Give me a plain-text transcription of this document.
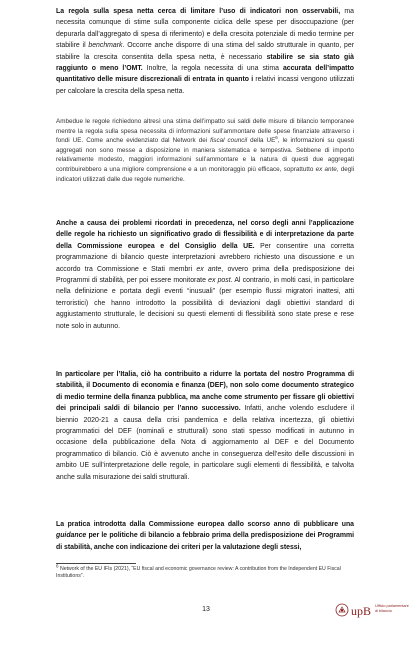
La regola sulla spesa netta cerca di limitare l’uso di indicatori non osservabili, ma necessita comunque di stime sulla componente ciclica delle spese per disoccupazione (per depurarla dall’aggregato di spesa di riferimento) e della crescita potenziale di medio termine per stabilire il benchmark. Occorre anche disporre di una stima del saldo strutturale in quanto, per stabilire la crescita consentita della spesa netta, è necessario stabilire se sia stato già raggiunto o meno l’OMT. Inoltre, la regola necessita di una stima accurata dell’impatto quantitativo delle misure discrezionali di entrata in quanto i relativi incassi vengono utilizzati per calcolare la crescita della spesa netta.

Ambedue le regole richiedono altresì una stima dell’impatto sui saldi delle misure di bilancio temporanee mentre la regola sulla spesa necessita di informazioni sull’ammontare delle spese finanziate attraverso i fondi UE. Come anche evidenziato dal Network dei fiscal council della $UE^6$, le informazioni su questi aggregati non sono messe a disposizione in maniera sistematica e tempestiva. Sebbene di importo relativamente modesto, maggiori informazioni sull’ammontare e la natura di questi due aggregati contribuirebbero a una migliore comprensione e a un monitoraggio più efficace, soprattutto ex ante, degli indicatori utilizzati dalle due regole numeriche.

Anche a causa dei problemi ricordati in precedenza, nel corso degli anni l’applicazione delle regole ha richiesto un significativo grado di flessibilità e di interpretazione da parte della Commissione europea e del Consiglio della UE. Per consentire una corretta programmazione di bilancio queste interpretazioni avrebbero richiesto una discussione e un accordo tra Commissione e Stati membri ex ante, ovvero prima della predisposizione dei Programmi di stabilità, per poi essere monitorate ex post. Al contrario, in molti casi, in particolare nella definizione e portata degli eventi “inusuali” (per esempio flussi migratori inattesi, atti terroristici) che hanno introdotto la possibilità di deviazioni dagli obiettivi standard di aggiustamento strutturale, le decisioni su questi elementi di flessibilità sono state prese e rese note solo in autunno.

In particolare per l’Italia, ciò ha contribuito a ridurre la portata del nostro Programma di stabilità, il Documento di economia e finanza (DEF), non solo come documento strategico di medio termine della finanza pubblica, ma anche come strumento per fissare gli obiettivi dei principali saldi di bilancio per l’anno successivo. Infatti, anche volendo escludere il biennio 2020-21 a causa della crisi pandemica e della relativa incertezza, gli obiettivi programmatici del DEF (nominali e strutturali) sono stati spesso modificati in autunno in occasione della pubblicazione della Nota di aggiornamento al DEF e del Documento programmatico di bilancio. Ciò è avvenuto anche in conseguenza dell’esito delle discussioni in ambito UE sull’interpretazione delle regole, in particolare sugli elementi di flessibilità, e talvolta anche sulla misurazione dei saldi strutturali.

La pratica introdotta dalla Commissione europea dallo scorso anno di pubblicare una guidance per le politiche di bilancio a febbraio prima della predisposizione dei Programmi di stabilità, anche con indicazione dei criteri per la valutazione degli stessi,

$^6$ Network of the EU IFIs (2021), “EU fiscal and economic governance review: A contribution from the Independent EU Fiscal Institutions”.

13	upB Ufficio parlamentare di bilancio
